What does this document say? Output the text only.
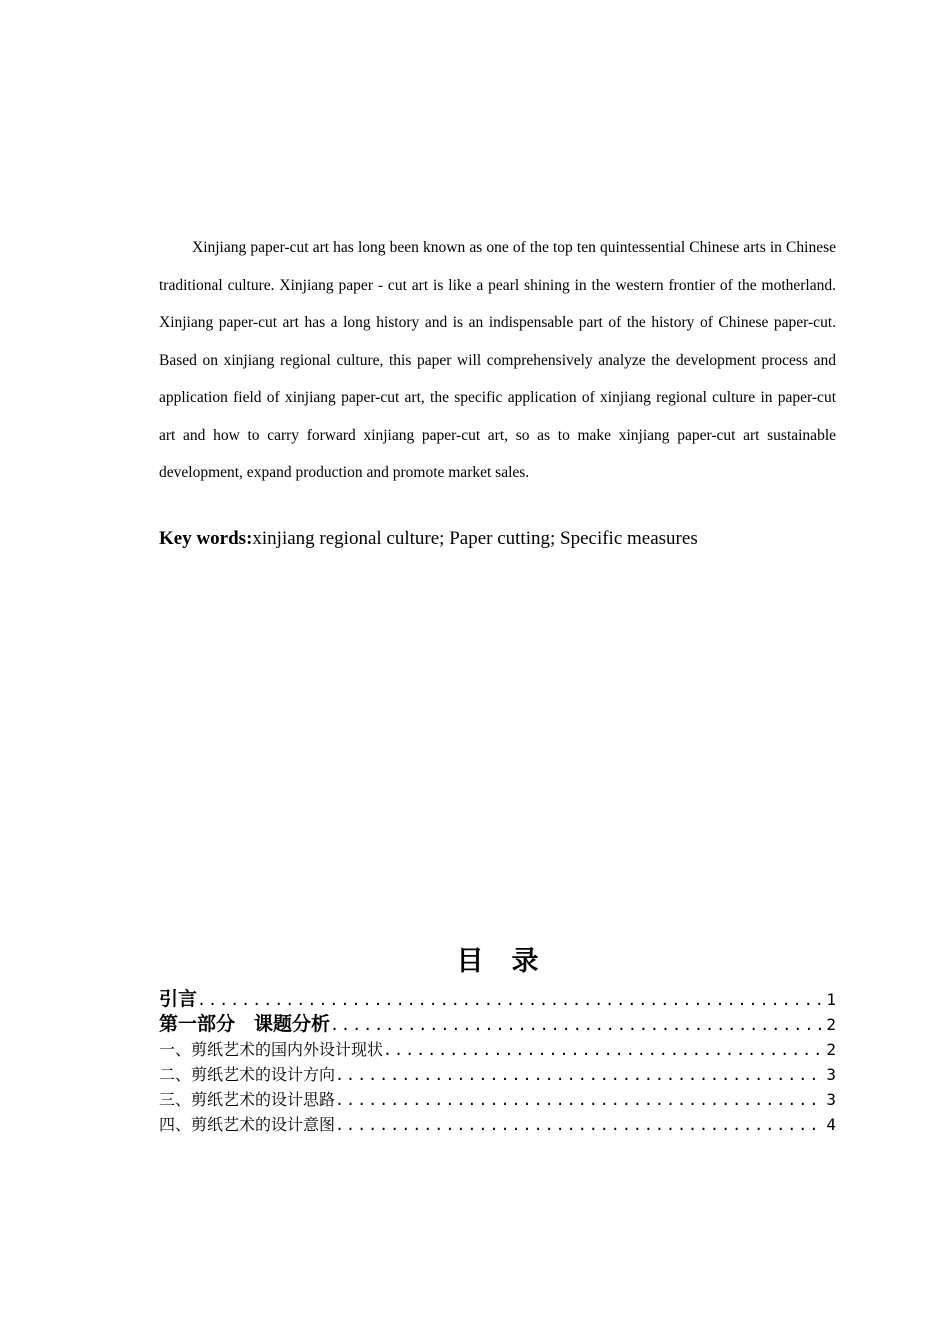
Xinjiang paper-cut art has long been known as one of the top ten quintessential Chinese arts in Chinese traditional culture. Xinjiang paper - cut art is like a pearl shining in the western frontier of the motherland. Xinjiang paper-cut art has a long history and is an indispensable part of the history of Chinese paper-cut. Based on xinjiang regional culture, this paper will comprehensively analyze the development process and application field of xinjiang paper-cut art, the specific application of xinjiang regional culture in paper-cut art and how to carry forward xinjiang paper-cut art, so as to make xinjiang paper-cut art sustainable development, expand production and promote market sales.

Key words:xinjiang regional culture; Paper cutting; Specific measures

目录
引言 .....	1
第一部分　课题分析 .....	2
一、剪纸艺术的国内外设计现状 .....	2
二、剪纸艺术的设计方向 .....	3
三、剪纸艺术的设计思路 .....	3
四、剪纸艺术的设计意图 .....	4
